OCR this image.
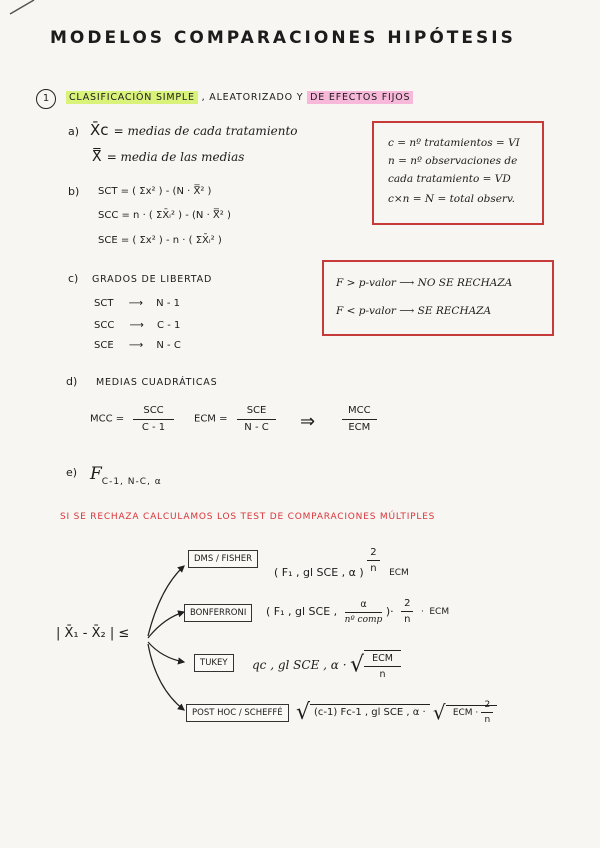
MODELOS COMPARACIONES HIPÓTESIS
1	CLASIFICACIÓN SIMPLE , ALEATORIZADO Y DE EFECTOS FIJOS
a) X̄c = medias de cada tratamiento
X̿ = media de las medias
b) SCT = ( Σx² ) - (N · X̿² )
SCC = n · ( ΣX̄ᵢ² ) - (N · X̿² )
SCE = ( Σx² ) - n · ( ΣX̄ᵢ² )
c = nº tratamientos = VI
n = nº observaciones de
cada tratamiento = VD
c×n = N = total observ.
F > p-valor ⟶ NO SE RECHAZA
F < p-valor ⟶ SE RECHAZA
c) GRADOS DE LIBERTAD
SCT ⟶ N - 1
SCC ⟶ C - 1
SCE ⟶ N - C
d) MEDIAS CUADRÁTICAS
MCC = $\frac{\text{SCC}}{C - 1}$ ECM = $\frac{\text{SCE}}{N - C}$ ⇒	$\frac{\text{MCC}}{\text{ECM}}$
e) $F_{C-1, N-C, \alpha}$
SI SE RECHAZA CALCULAMOS LOS TEST DE COMPARACIONES MÚLTIPLES
| X̄₁ - X̄₂ | ≤
DMS / FISHER
( F₁ , gl SCE , α ) $\frac{2}{n}$ ECM
BONFERRONI	( F₁ , gl SCE , $\frac{\alpha}{\text{nº comp}}$ )· $\frac{2}{n}$ · ECM
TUKEY	qc , gl SCE , α · √ $\frac{\text{ECM}}{n}$
POST HOC / SCHEFFÉ √ (c-1) Fc-1 , gl SCE , α · √ ECM · $\frac{2}{n}$
